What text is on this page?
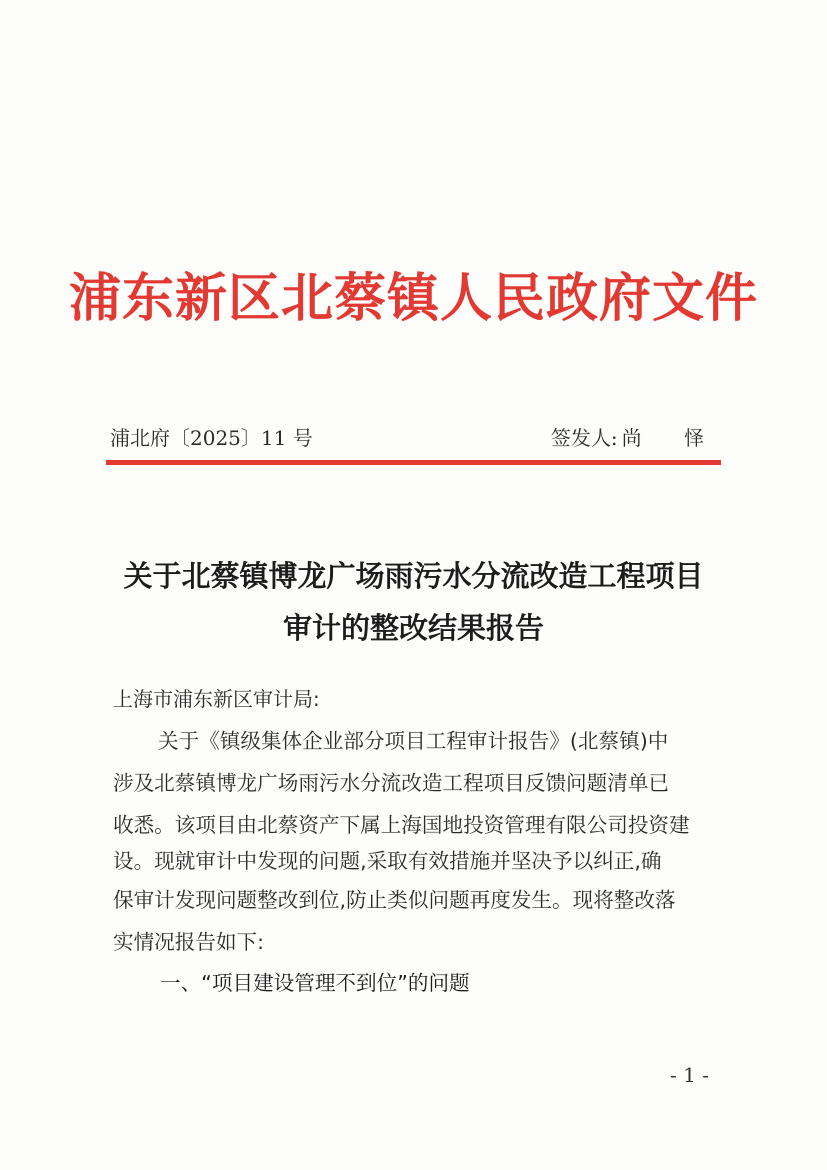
浦东新区北蔡镇人民政府文件
浦北府〔2025〕11 号	签发人: 尚 怿
关于北蔡镇博龙广场雨污水分流改造工程项目
审计的整改结果报告
上海市浦东新区审计局:
关于《镇级集体企业部分项目工程审计报告》(北蔡镇)中
涉及北蔡镇博龙广场雨污水分流改造工程项目反馈问题清单已
收悉。该项目由北蔡资产下属上海国地投资管理有限公司投资建
设。现就审计中发现的问题,采取有效措施并坚决予以纠正,确
保审计发现问题整改到位,防止类似问题再度发生。现将整改落
实情况报告如下:
一、“项目建设管理不到位”的问题
- 1 -
